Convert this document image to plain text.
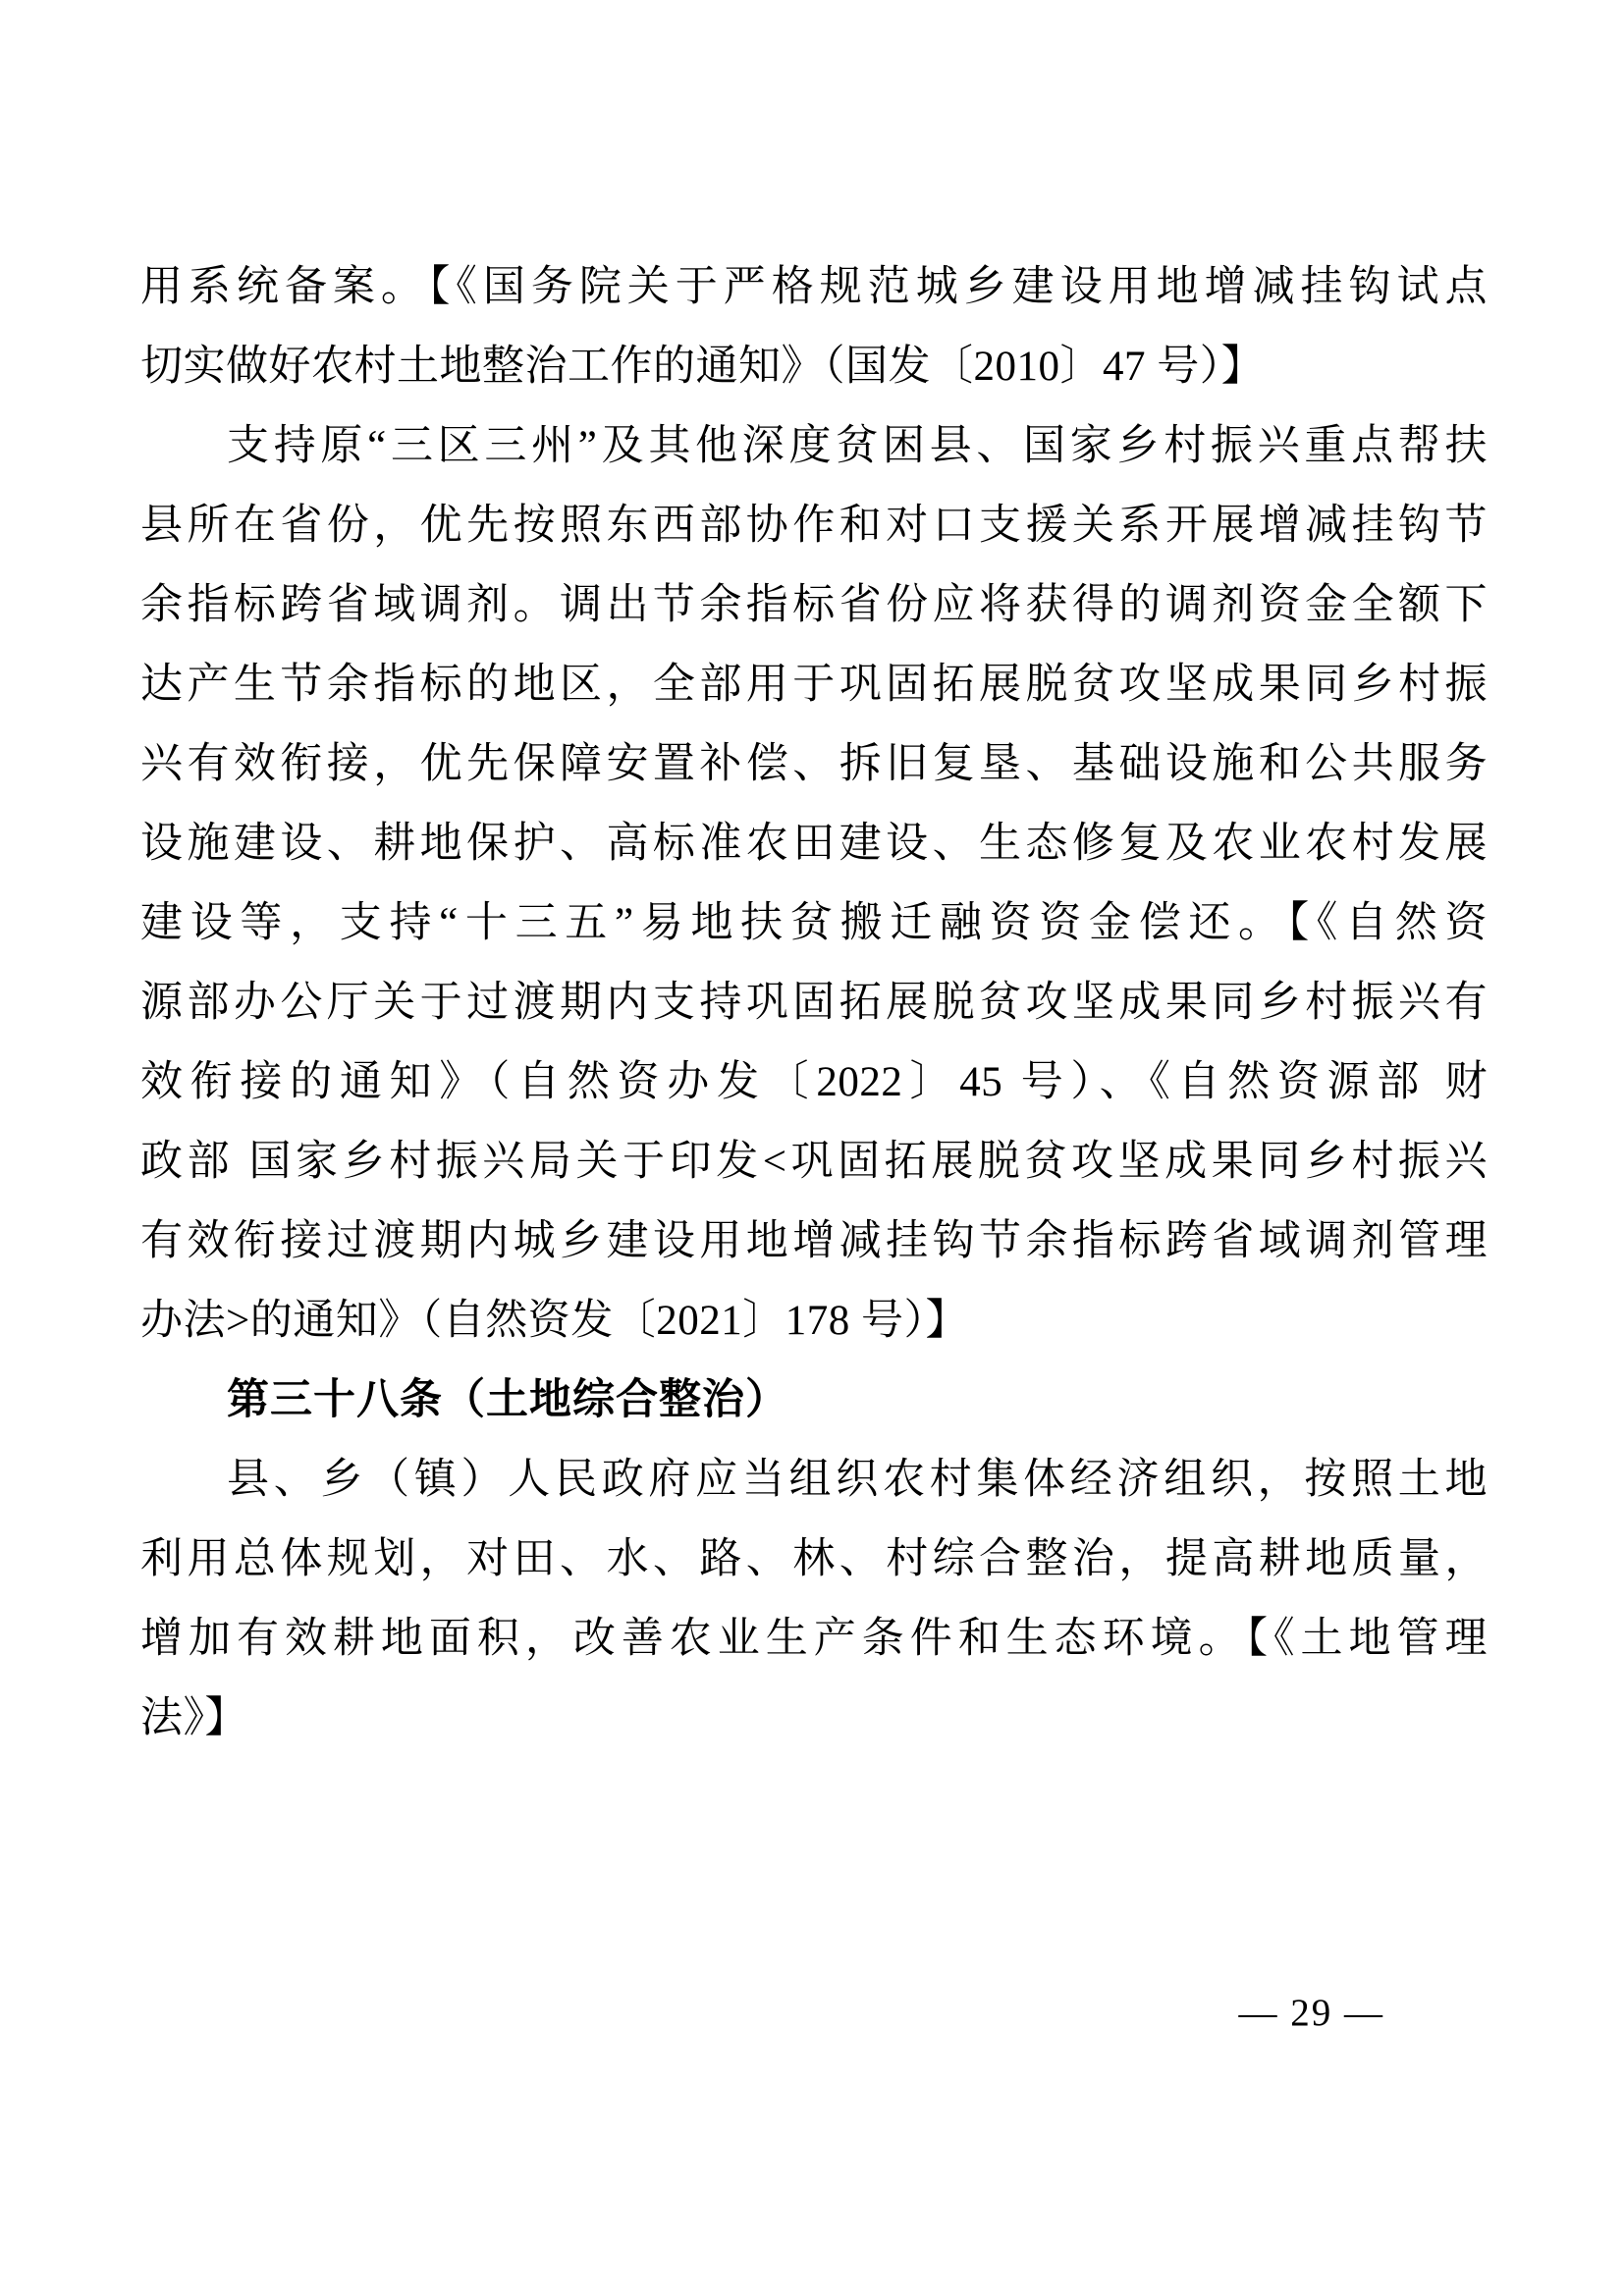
用系统备案。【《国务院关于严格规范城乡建设用地增减挂钩试点
切实做好农村土地整治工作的通知》（国发〔2010〕47 号）】
支持原“三区三州”及其他深度贫困县、国家乡村振兴重点帮扶
县所在省份，优先按照东西部协作和对口支援关系开展增减挂钩节
余指标跨省域调剂。调出节余指标省份应将获得的调剂资金全额下
达产生节余指标的地区，全部用于巩固拓展脱贫攻坚成果同乡村振
兴有效衔接，优先保障安置补偿、拆旧复垦、基础设施和公共服务
设施建设、耕地保护、高标准农田建设、生态修复及农业农村发展
建设等，支持“十三五”易地扶贫搬迁融资资金偿还。【《自然资
源部办公厅关于过渡期内支持巩固拓展脱贫攻坚成果同乡村振兴有
效衔接的通知》（自然资办发〔2022〕45 号）、《自然资源部 财
政部 国家乡村振兴局关于印发<巩固拓展脱贫攻坚成果同乡村振兴
有效衔接过渡期内城乡建设用地增减挂钩节余指标跨省域调剂管理
办法>的通知》（自然资发〔2021〕178 号）】
第三十八条（土地综合整治）
县、乡（镇）人民政府应当组织农村集体经济组织，按照土地
利用总体规划，对田、水、路、林、村综合整治，提高耕地质量，
增加有效耕地面积，改善农业生产条件和生态环境。【《土地管理
法》】
— 29 —
